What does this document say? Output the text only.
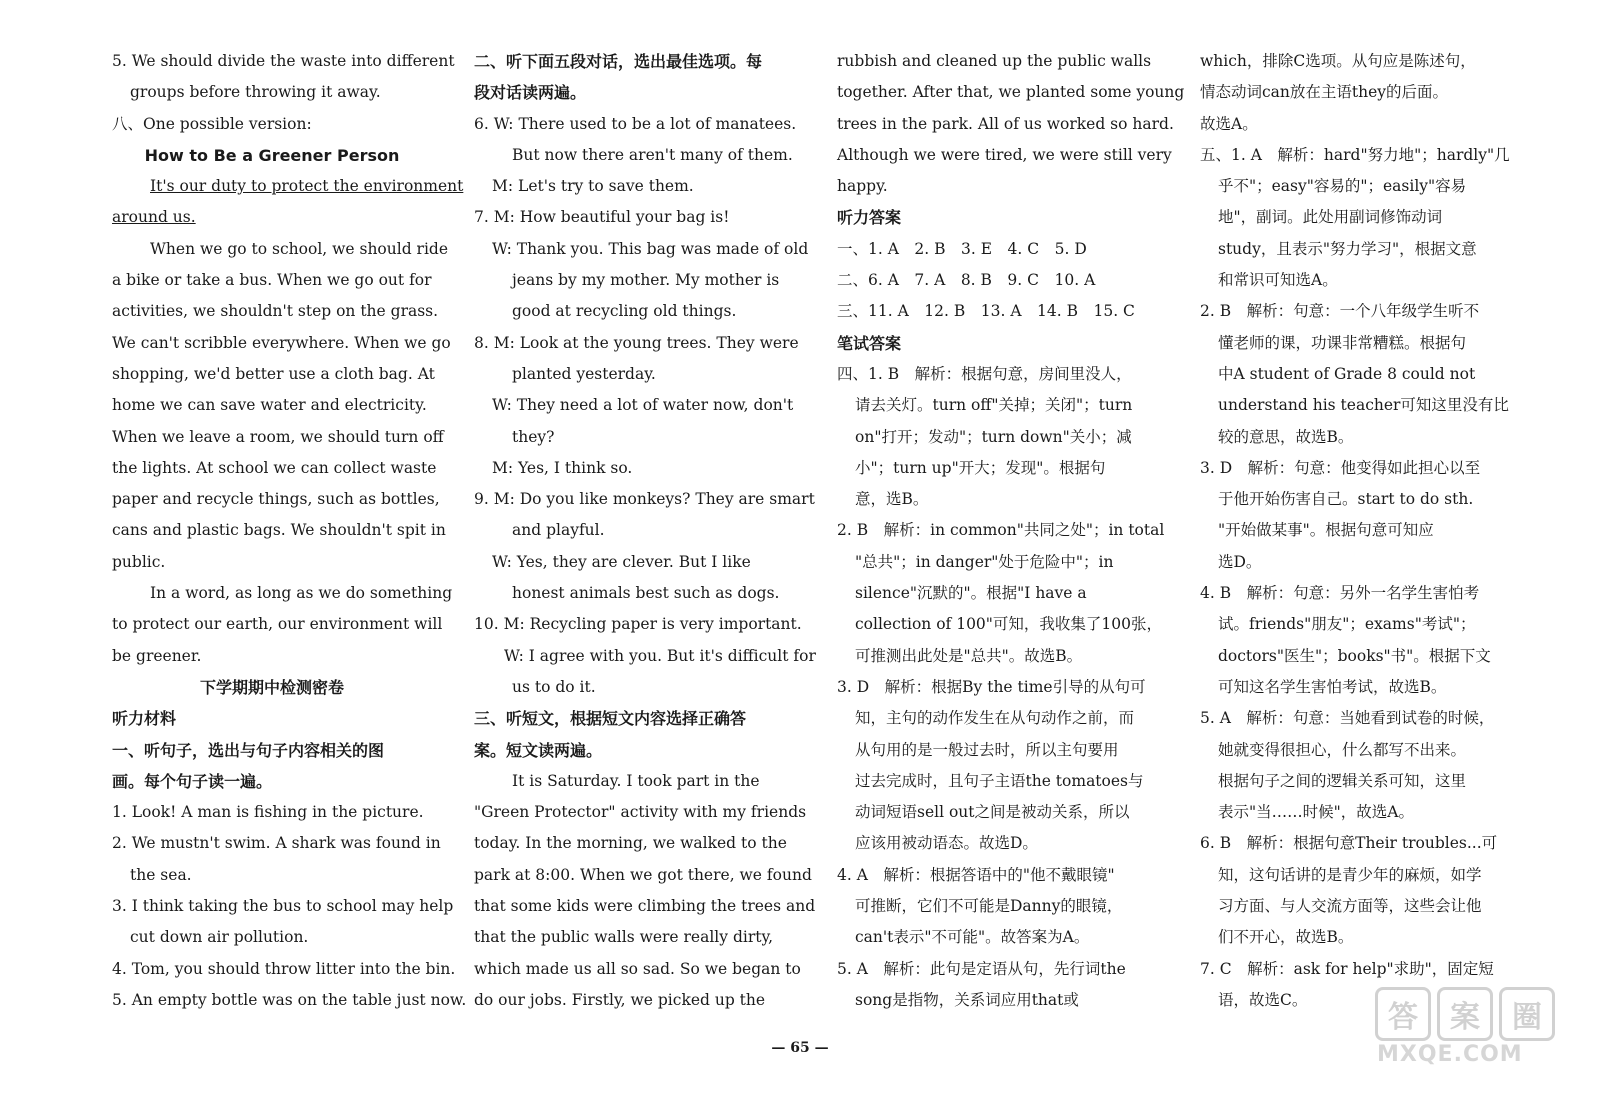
5. We should divide the waste into different

groups before throwing it away.

八、One possible version:

How to Be a Greener Person

It's our duty to protect the environment

around us.

When we go to school, we should ride

a bike or take a bus. When we go out for

activities, we shouldn't step on the grass.

We can't scribble everywhere. When we go

shopping, we'd better use a cloth bag. At

home we can save water and electricity.

When we leave a room, we should turn off

the lights. At school we can collect waste

paper and recycle things, such as bottles,

cans and plastic bags. We shouldn't spit in

public.

In a word, as long as we do something

to protect our earth, our environment will

be greener.

下学期期中检测密卷

听力材料

一、听句子，选出与句子内容相关的图

画。每个句子读一遍。

1. Look! A man is fishing in the picture.

2. We mustn't swim. A shark was found in

the sea.

3. I think taking the bus to school may help

cut down air pollution.

4. Tom, you should throw litter into the bin.

5. An empty bottle was on the table just now.

二、听下面五段对话，选出最佳选项。每

段对话读两遍。

6. W: There used to be a lot of manatees.

But now there aren't many of them.

M: Let's try to save them.

7. M: How beautiful your bag is!

W: Thank you. This bag was made of old

jeans by my mother. My mother is

good at recycling old things.

8. M: Look at the young trees. They were

planted yesterday.

W: They need a lot of water now, don't

they?

M: Yes, I think so.

9. M: Do you like monkeys? They are smart

and playful.

W: Yes, they are clever. But I like

honest animals best such as dogs.

10. M: Recycling paper is very important.

W: I agree with you. But it's difficult for

us to do it.

三、听短文，根据短文内容选择正确答

案。短文读两遍。

It is Saturday. I took part in the

"Green Protector" activity with my friends

today. In the morning, we walked to the

park at 8:00. When we got there, we found

that some kids were climbing the trees and

that the public walls were really dirty,

which made us all so sad. So we began to

do our jobs. Firstly, we picked up the

rubbish and cleaned up the public walls

together. After that, we planted some young

trees in the park. All of us worked so hard.

Although we were tired, we were still very

happy.

听力答案

一、1. A　2. B　3. E　4. C　5. D

二、6. A　7. A　8. B　9. C　10. A

三、11. A　12. B　13. A　14. B　15. C

笔试答案

四、1. B　解析：根据句意，房间里没人，

请去关灯。turn off"关掉；关闭"；turn

on"打开；发动"；turn down"关小；减

小"；turn up"开大；发现"。根据句

意，选B。

2. B　解析：in common"共同之处"；in total

"总共"；in danger"处于危险中"；in

silence"沉默的"。根据"I have a

collection of 100"可知，我收集了100张，

可推测出此处是"总共"。故选B。

3. D　解析：根据By the time引导的从句可

知，主句的动作发生在从句动作之前，而

从句用的是一般过去时，所以主句要用

过去完成时，且句子主语the tomatoes与

动词短语sell out之间是被动关系，所以

应该用被动语态。故选D。

4. A　解析：根据答语中的"他不戴眼镜"

可推断，它们不可能是Danny的眼镜，

can't表示"不可能"。故答案为A。

5. A　解析：此句是定语从句，先行词the

song是指物，关系词应用that或

which，排除C选项。从句应是陈述句，

情态动词can放在主语they的后面。

故选A。

五、1. A　解析：hard"努力地"；hardly"几

乎不"；easy"容易的"；easily"容易

地"，副词。此处用副词修饰动词

study，且表示"努力学习"，根据文意

和常识可知选A。

2. B　解析：句意：一个八年级学生听不

懂老师的课，功课非常糟糕。根据句

中A student of Grade 8 could not

understand his teacher可知这里没有比

较的意思，故选B。

3. D　解析：句意：他变得如此担心以至

于他开始伤害自己。start to do sth.

"开始做某事"。根据句意可知应

选D。

4. B　解析：句意：另外一名学生害怕考

试。friends"朋友"；exams"考试"；

doctors"医生"；books"书"。根据下文

可知这名学生害怕考试，故选B。

5. A　解析：句意：当她看到试卷的时候，

她就变得很担心，什么都写不出来。

根据句子之间的逻辑关系可知，这里

表示"当……时候"，故选A。

6. B　解析：根据句意Their troubles...可

知，这句话讲的是青少年的麻烦，如学

习方面、与人交流方面等，这些会让他

们不开心，故选B。

7. C　解析：ask for help"求助"，固定短

语，故选C。

— 65 —
答	案	圈
MXQE.COM
